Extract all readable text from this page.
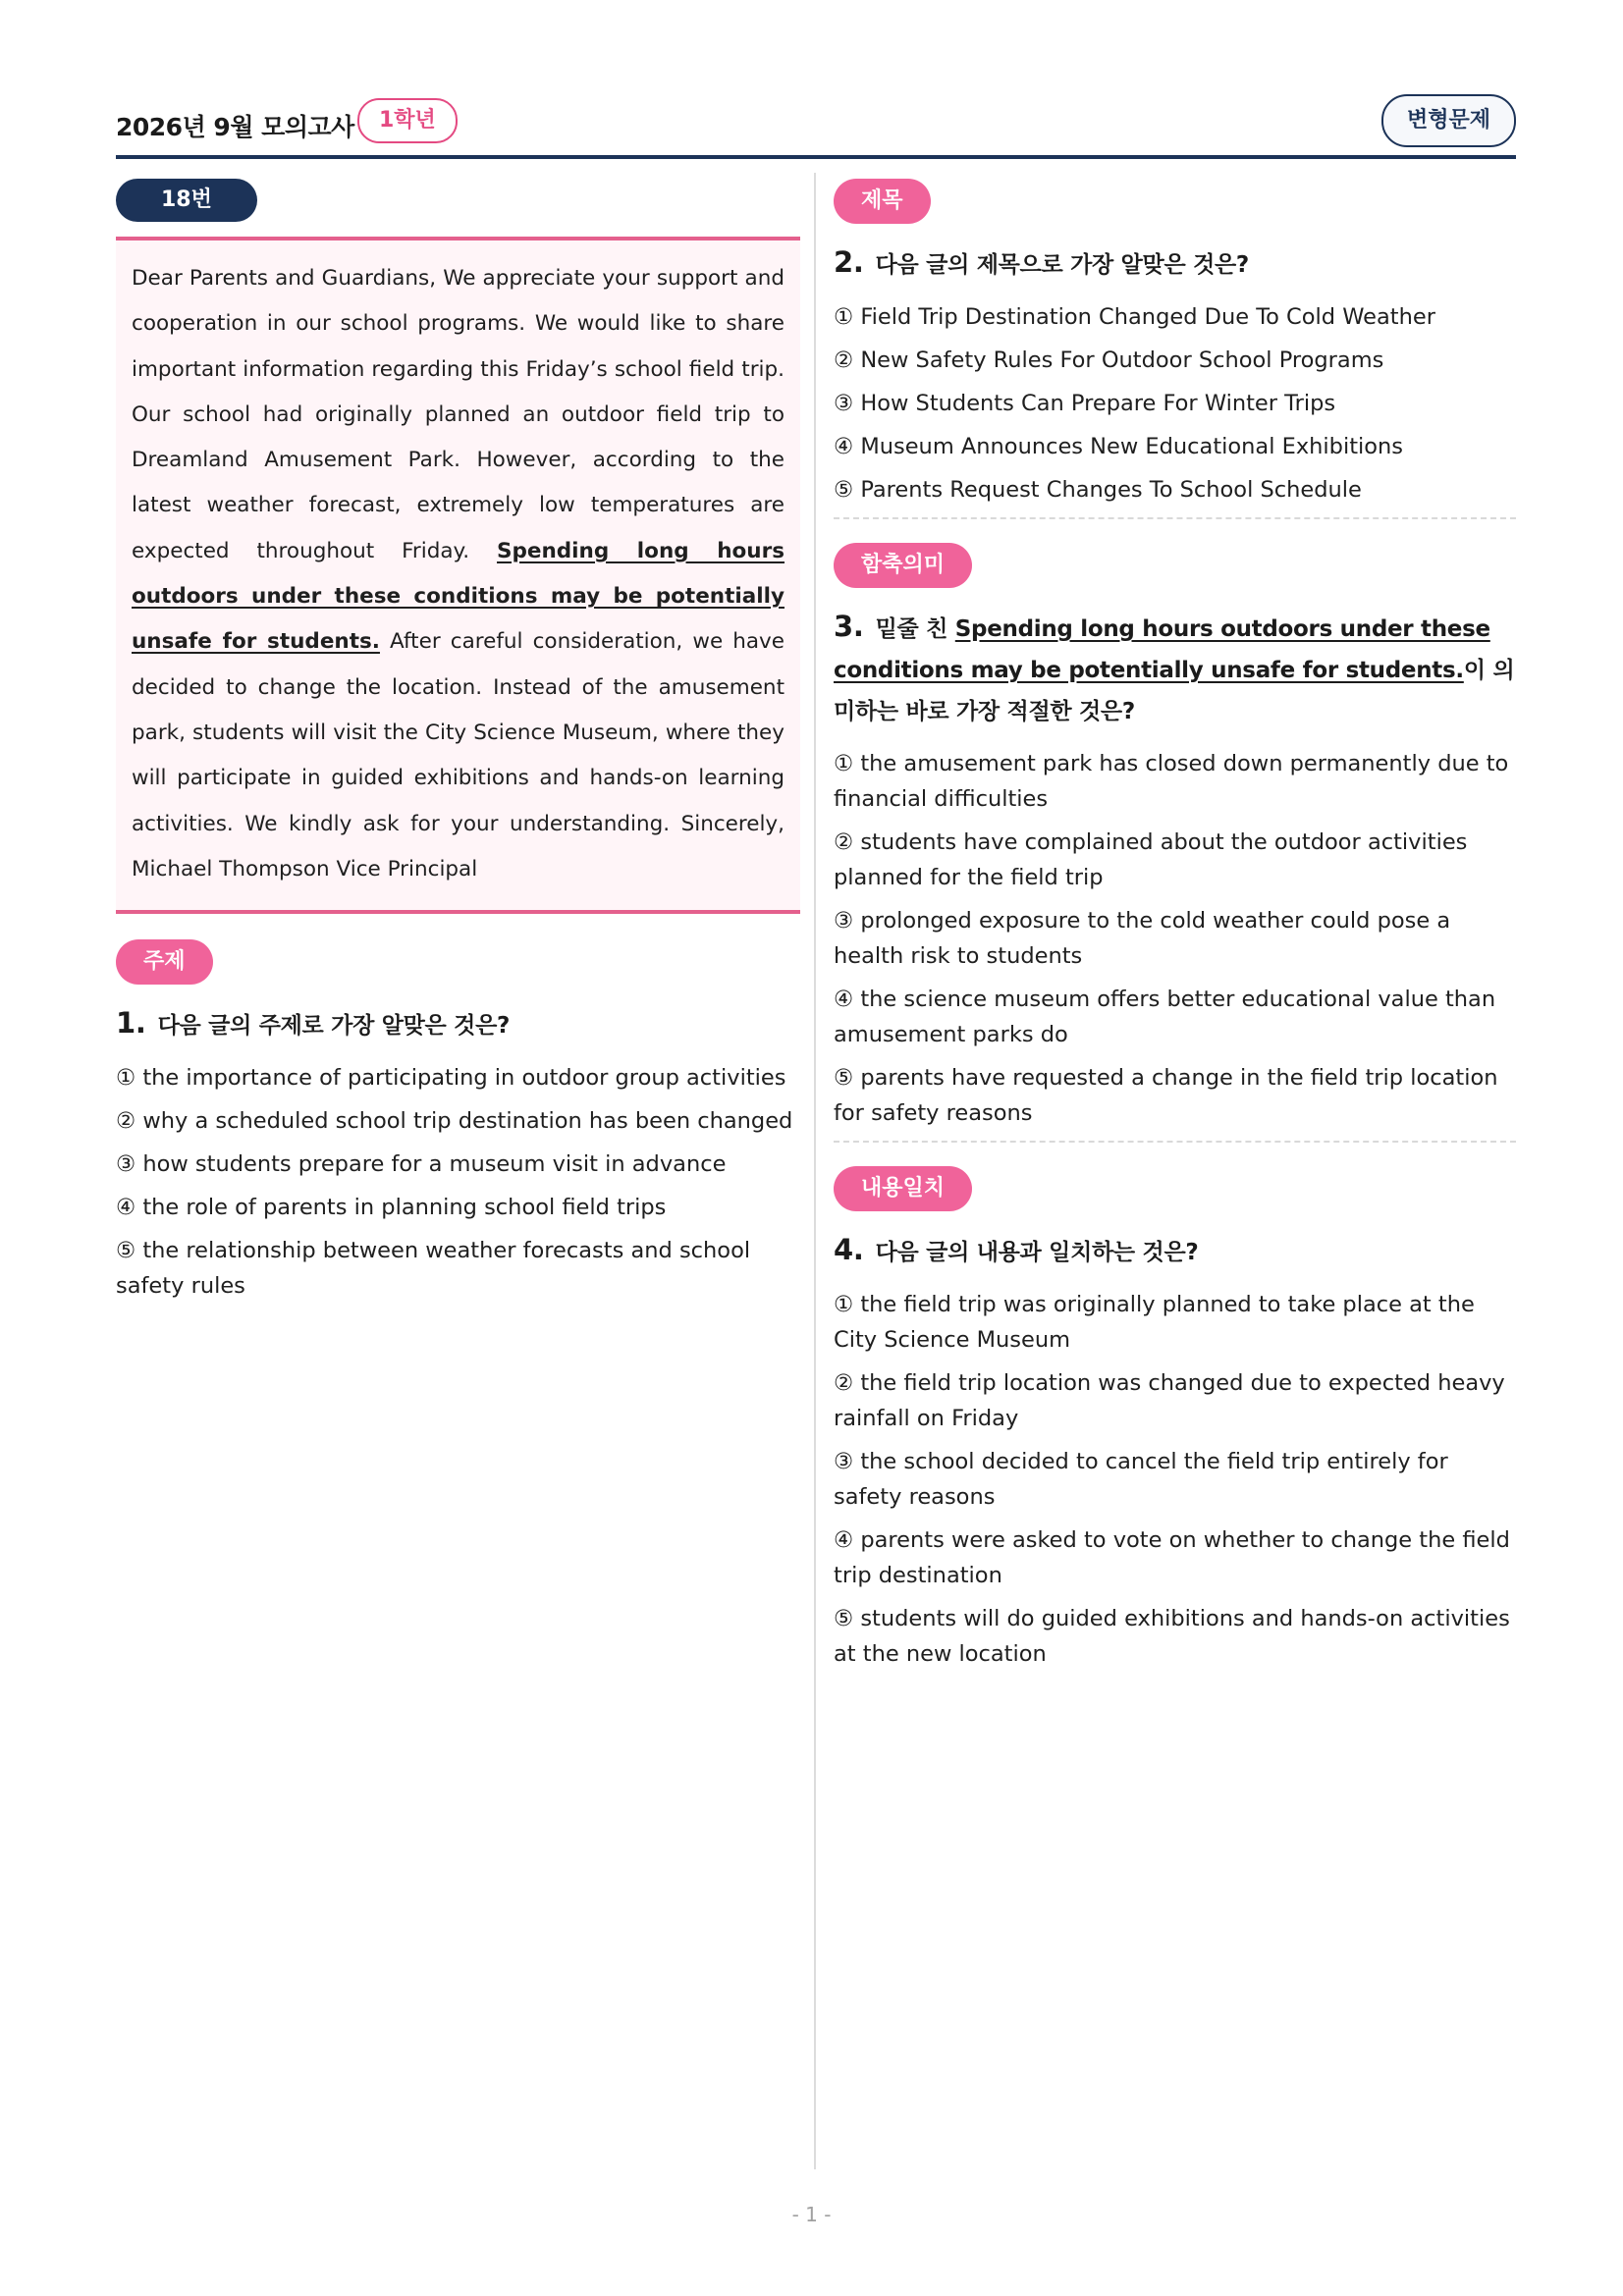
2026년 9월 모의고사	1학년	변형문제
18번
Dear Parents and Guardians, We appreciate your support and cooperation in our school programs. We would like to share important information regarding this Friday’s school field trip. Our school had originally planned an outdoor field trip to Dreamland Amusement Park. However, according to the latest weather forecast, extremely low temperatures are expected throughout Friday. Spending long hours outdoors under these conditions may be potentially unsafe for students. After careful consideration, we have decided to change the location. Instead of the amusement park, students will visit the City Science Museum, where they will participate in guided exhibitions and hands-on learning activities. We kindly ask for your understanding. Sincerely, Michael Thompson Vice Principal
주제
1. 다음 글의 주제로 가장 알맞은 것은?
① the importance of participating in outdoor group activities
② why a scheduled school trip destination has been changed
③ how students prepare for a museum visit in advance
④ the role of parents in planning school field trips
⑤ the relationship between weather forecasts and school safety rules
제목
2. 다음 글의 제목으로 가장 알맞은 것은?
① Field Trip Destination Changed Due To Cold Weather
② New Safety Rules For Outdoor School Programs
③ How Students Can Prepare For Winter Trips
④ Museum Announces New Educational Exhibitions
⑤ Parents Request Changes To School Schedule
함축의미
3. 밑줄 친 Spending long hours outdoors under these conditions may be potentially unsafe for students.이 의미하는 바로 가장 적절한 것은?
① the amusement park has closed down permanently due to financial difficulties
② students have complained about the outdoor activities planned for the field trip
③ prolonged exposure to the cold weather could pose a health risk to students
④ the science museum offers better educational value than amusement parks do
⑤ parents have requested a change in the field trip location for safety reasons
내용일치
4. 다음 글의 내용과 일치하는 것은?
① the field trip was originally planned to take place at the City Science Museum
② the field trip location was changed due to expected heavy rainfall on Friday
③ the school decided to cancel the field trip entirely for safety reasons
④ parents were asked to vote on whether to change the field trip destination
⑤ students will do guided exhibitions and hands-on activities at the new location
- 1 -
